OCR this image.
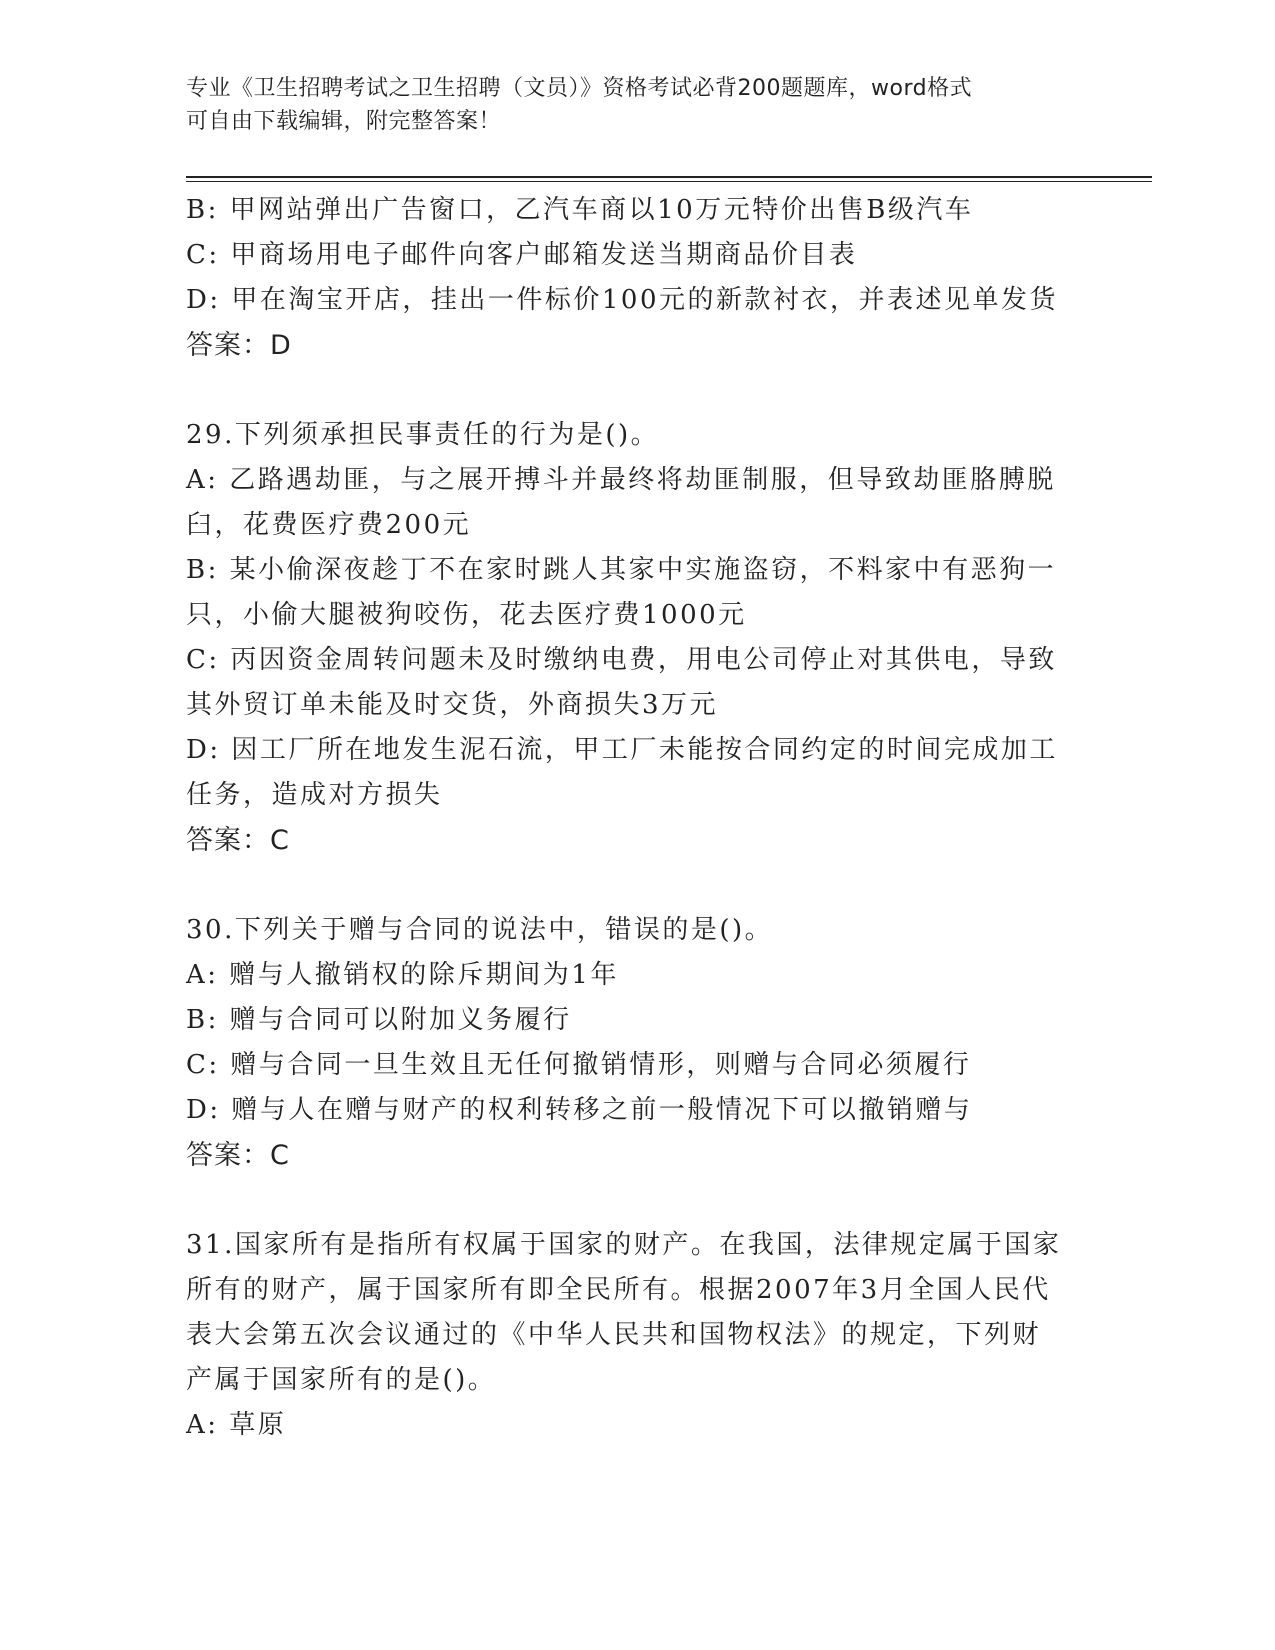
专业《卫生招聘考试之卫生招聘（文员）》资格考试必背200题题库，word格式
可自由下载编辑，附完整答案！
B: 甲网站弹出广告窗口，乙汽车商以10万元特价出售B级汽车
C: 甲商场用电子邮件向客户邮箱发送当期商品价目表
D: 甲在淘宝开店，挂出一件标价100元的新款衬衣，并表述见单发货
答案：D
29.下列须承担民事责任的行为是()。
A: 乙路遇劫匪，与之展开搏斗并最终将劫匪制服，但导致劫匪胳膊脱
臼，花费医疗费200元
B: 某小偷深夜趁丁不在家时跳人其家中实施盗窃，不料家中有恶狗一
只，小偷大腿被狗咬伤，花去医疗费1000元
C: 丙因资金周转问题未及时缴纳电费，用电公司停止对其供电，导致
其外贸订单未能及时交货，外商损失3万元
D: 因工厂所在地发生泥石流，甲工厂未能按合同约定的时间完成加工
任务，造成对方损失
答案：C
30.下列关于赠与合同的说法中，错误的是()。
A: 赠与人撤销权的除斥期间为1年
B: 赠与合同可以附加义务履行
C: 赠与合同一旦生效且无任何撤销情形，则赠与合同必须履行
D: 赠与人在赠与财产的权利转移之前一般情况下可以撤销赠与
答案：C
31.国家所有是指所有权属于国家的财产。在我国，法律规定属于国家
所有的财产，属于国家所有即全民所有。根据2007年3月全国人民代
表大会第五次会议通过的《中华人民共和国物权法》的规定，下列财
产属于国家所有的是()。
A: 草原
